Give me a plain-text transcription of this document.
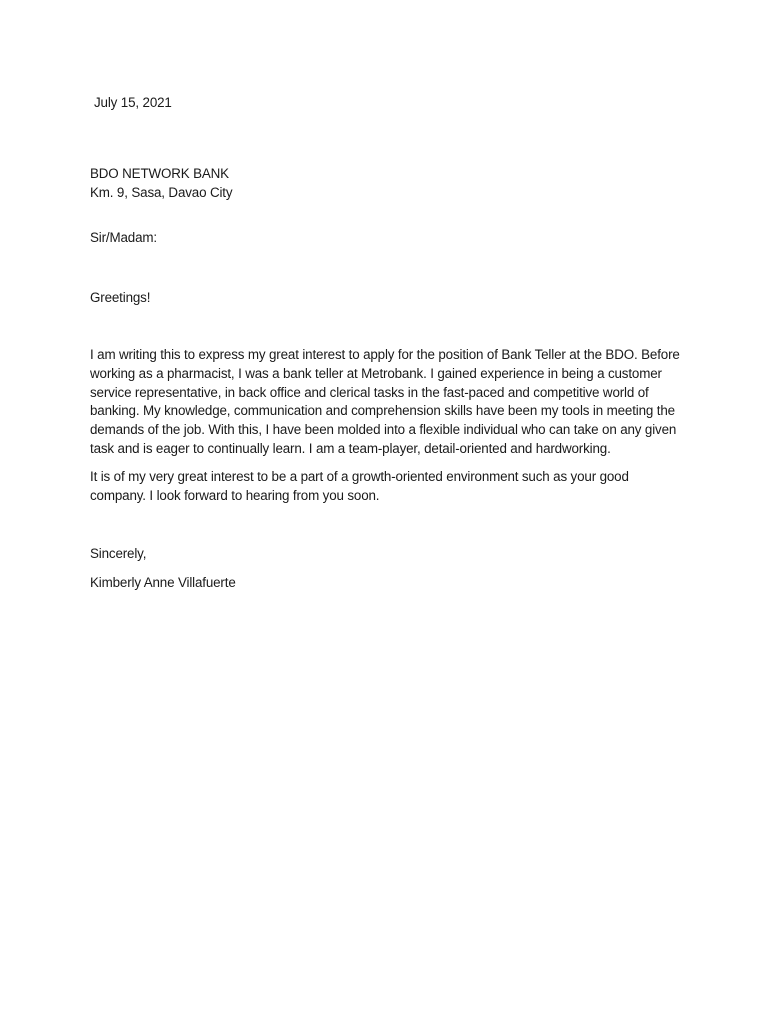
July 15, 2021
BDO NETWORK BANK
Km. 9, Sasa, Davao City
Sir/Madam:
Greetings!
I am writing this to express my great interest to apply for the position of Bank Teller at the BDO. Before
working as a pharmacist, I was a bank teller at Metrobank. I gained experience in being a customer
service representative, in back office and clerical tasks in the fast-paced and competitive world of
banking. My knowledge, communication and comprehension skills have been my tools in meeting the
demands of the job. With this, I have been molded into a flexible individual who can take on any given
task and is eager to continually learn. I am a team-player, detail-oriented and hardworking.
It is of my very great interest to be a part of a growth-oriented environment such as your good
company. I look forward to hearing from you soon.
Sincerely,
Kimberly Anne Villafuerte
